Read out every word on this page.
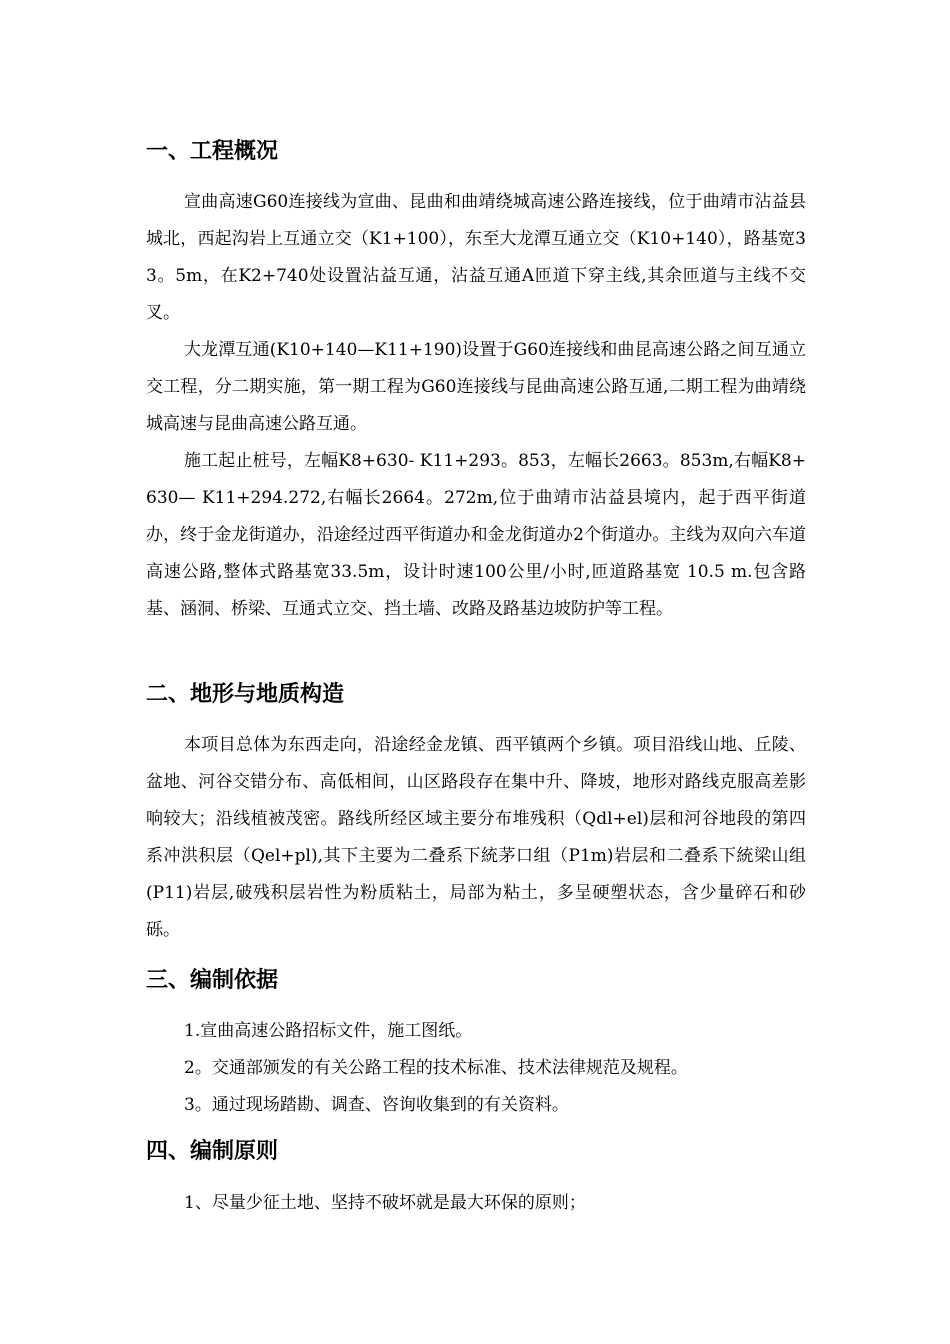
一、工程概况

宣曲高速G60连接线为宣曲、昆曲和曲靖绕城高速公路连接线，位于曲靖市沾益县城北，西起沟岩上互通立交（K1+100），东至大龙潭互通立交（K10+140），路基宽33。5m，在K2+740处设置沾益互通，沾益互通A匝道下穿主线,其余匝道与主线不交叉。

大龙潭互通(K10+140—K11+190)设置于G60连接线和曲昆高速公路之间互通立交工程，分二期实施，第一期工程为G60连接线与昆曲高速公路互通,二期工程为曲靖绕城高速与昆曲高速公路互通。

施工起止桩号，左幅K8+630- K11+293。853，左幅长2663。853m,右幅K8+630— K11+294.272,右幅长2664。272m,位于曲靖市沾益县境内，起于西平街道办，终于金龙街道办，沿途经过西平街道办和金龙街道办2个街道办。主线为双向六车道高速公路,整体式路基宽33.5m，设计时速100公里/小时,匝道路基宽 10.5 m.包含路基、涵洞、桥梁、互通式立交、挡土墙、改路及路基边坡防护等工程。

二、地形与地质构造

本项目总体为东西走向，沿途经金龙镇、西平镇两个乡镇。项目沿线山地、丘陵、盆地、河谷交错分布、高低相间，山区路段存在集中升、降坡，地形对路线克服高差影响较大；沿线植被茂密。路线所经区域主要分布堆残积（Qdl+el)层和河谷地段的第四系冲洪积层（Qel+pl),其下主要为二叠系下統茅口组（P1m)岩层和二叠系下統梁山组(P11)岩层,破残积层岩性为粉质粘土，局部为粘土，多呈硬塑状态，含少量碎石和砂砾。

三、编制依据

1.宣曲高速公路招标文件，施工图纸。

2。交通部颁发的有关公路工程的技术标准、技术法律规范及规程。

3。通过现场踏勘、调查、咨询收集到的有关资料。

四、编制原则

1、尽量少征土地、坚持不破坏就是最大环保的原则；
